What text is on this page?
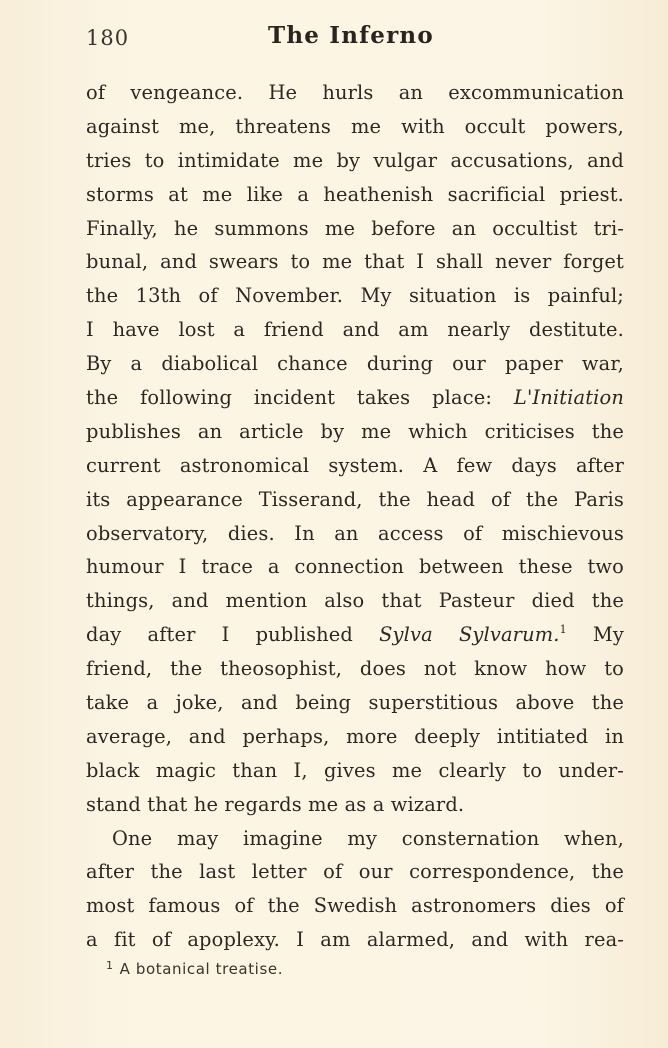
180	The Inferno
of vengeance. He hurls an excommunication
against me, threatens me with occult powers,
tries to intimidate me by vulgar accusations, and
storms at me like a heathenish sacrificial priest.
Finally, he summons me before an occultist tri-
bunal, and swears to me that I shall never forget
the 13th of November. My situation is painful;
I have lost a friend and am nearly destitute.
By a diabolical chance during our paper war,
the following incident takes place: L'Initiation
publishes an article by me which criticises the
current astronomical system. A few days after
its appearance Tisserand, the head of the Paris
observatory, dies. In an access of mischievous
humour I trace a connection between these two
things, and mention also that Pasteur died the
day after I published Sylva Sylvarum.$^1$ My
friend, the theosophist, does not know how to
take a joke, and being superstitious above the
average, and perhaps, more deeply intitiated in
black magic than I, gives me clearly to under-
stand that he regards me as a wizard.
One may imagine my consternation when,
after the last letter of our correspondence, the
most famous of the Swedish astronomers dies of
a fit of apoplexy. I am alarmed, and with rea-
$^1$ A botanical treatise.
